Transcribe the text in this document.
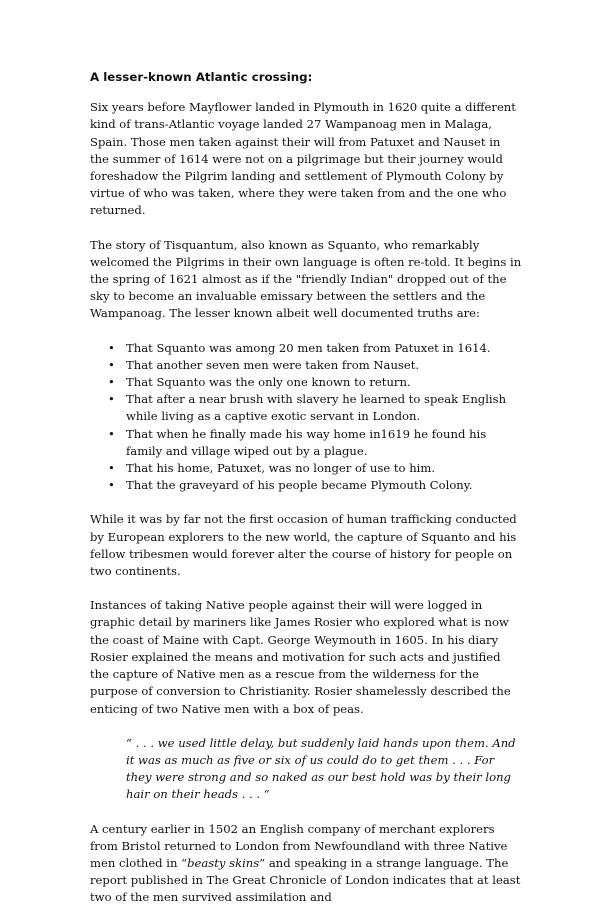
A lesser-known Atlantic crossing:

Six years before Mayflower landed in Plymouth in 1620 quite a different kind of trans-Atlantic voyage landed 27 Wampanoag men in Malaga, Spain. Those men taken against their will from Patuxet and Nauset in the summer of 1614 were not on a pilgrimage but their journey would foreshadow the Pilgrim landing and settlement of Plymouth Colony by virtue of who was taken, where they were taken from and the one who returned.

The story of Tisquantum, also known as Squanto, who remarkably welcomed the Pilgrims in their own language is often re-told. It begins in the spring of 1621 almost as if the "friendly Indian" dropped out of the sky to become an invaluable emissary between the settlers and the Wampanoag. The lesser known albeit well documented truths are:

• That Squanto was among 20 men taken from Patuxet in 1614.
• That another seven men were taken from Nauset.
• That Squanto was the only one known to return.
• That after a near brush with slavery he learned to speak English while living as a captive exotic servant in London.
• That when he finally made his way home in1619 he found his family and village wiped out by a plague.
• That his home, Patuxet, was no longer of use to him.
• That the graveyard of his people became Plymouth Colony.

While it was by far not the first occasion of human trafficking conducted by European explorers to the new world, the capture of Squanto and his fellow tribesmen would forever alter the course of history for people on two continents.

Instances of taking Native people against their will were logged in graphic detail by mariners like James Rosier who explored what is now the coast of Maine with Capt. George Weymouth in 1605. In his diary Rosier explained the means and motivation for such acts and justified the capture of Native men as a rescue from the wilderness for the purpose of conversion to Christianity. Rosier shamelessly described the enticing of two Native men with a box of peas.

“ . . . we used little delay, but suddenly laid hands upon them. And it was as much as five or six of us could do to get them . . . For they were strong and so naked as our best hold was by their long hair on their heads . . . “

A century earlier in 1502 an English company of merchant explorers from Bristol returned to London from Newfoundland with three Native men clothed in “beasty skins” and speaking in a strange language. The report published in The Great Chronicle of London indicates that at least two of the men survived assimilation and
